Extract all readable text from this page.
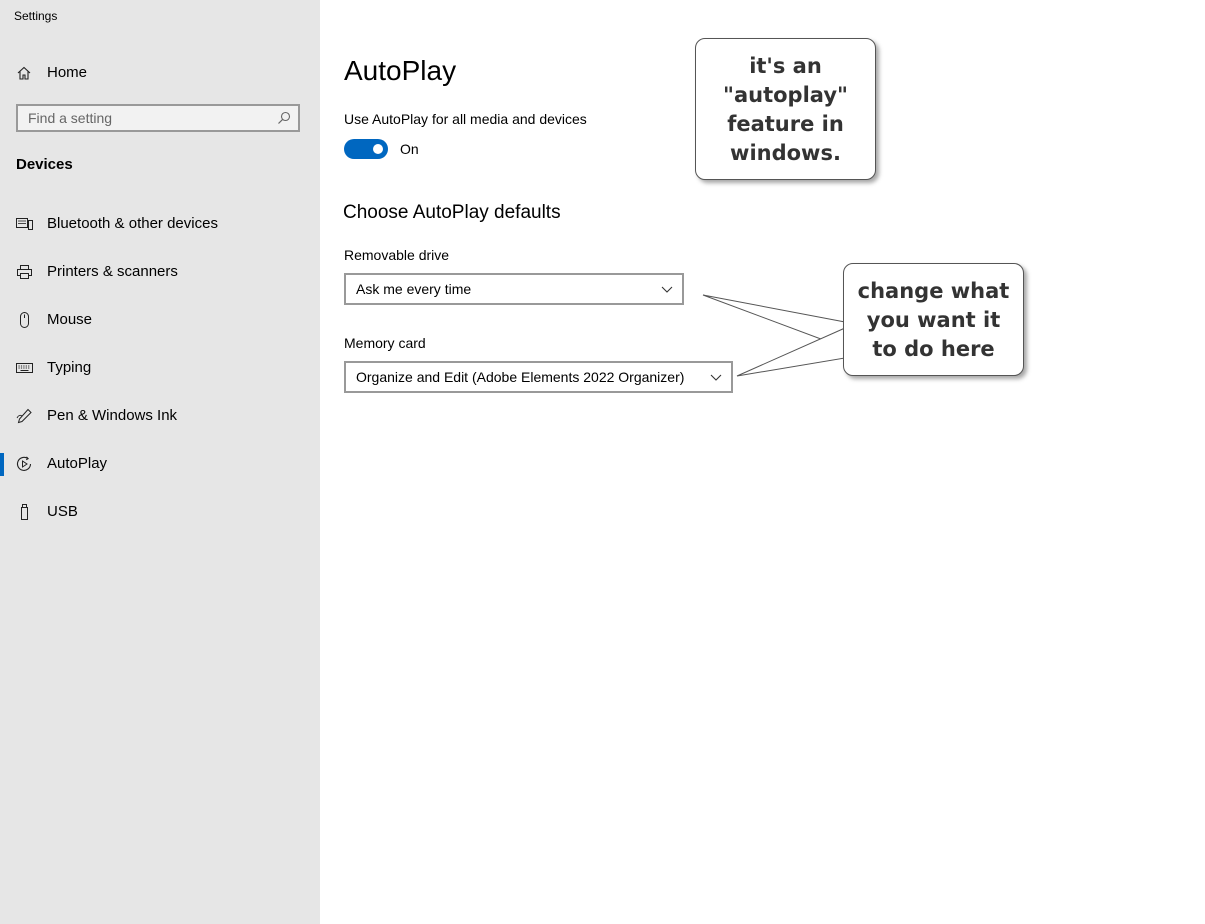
Settings
Home
Find a setting
Devices
Bluetooth & other devices
Printers & scanners
Mouse
Typing
Pen & Windows Ink
AutoPlay
USB
AutoPlay
Use AutoPlay for all media and devices
On
Choose AutoPlay defaults
Removable drive
Ask me every time
Memory card
Organize and Edit (Adobe Elements 2022 Organizer)
it's an
"autoplay"
feature in
windows.
change what
you want it
to do here
